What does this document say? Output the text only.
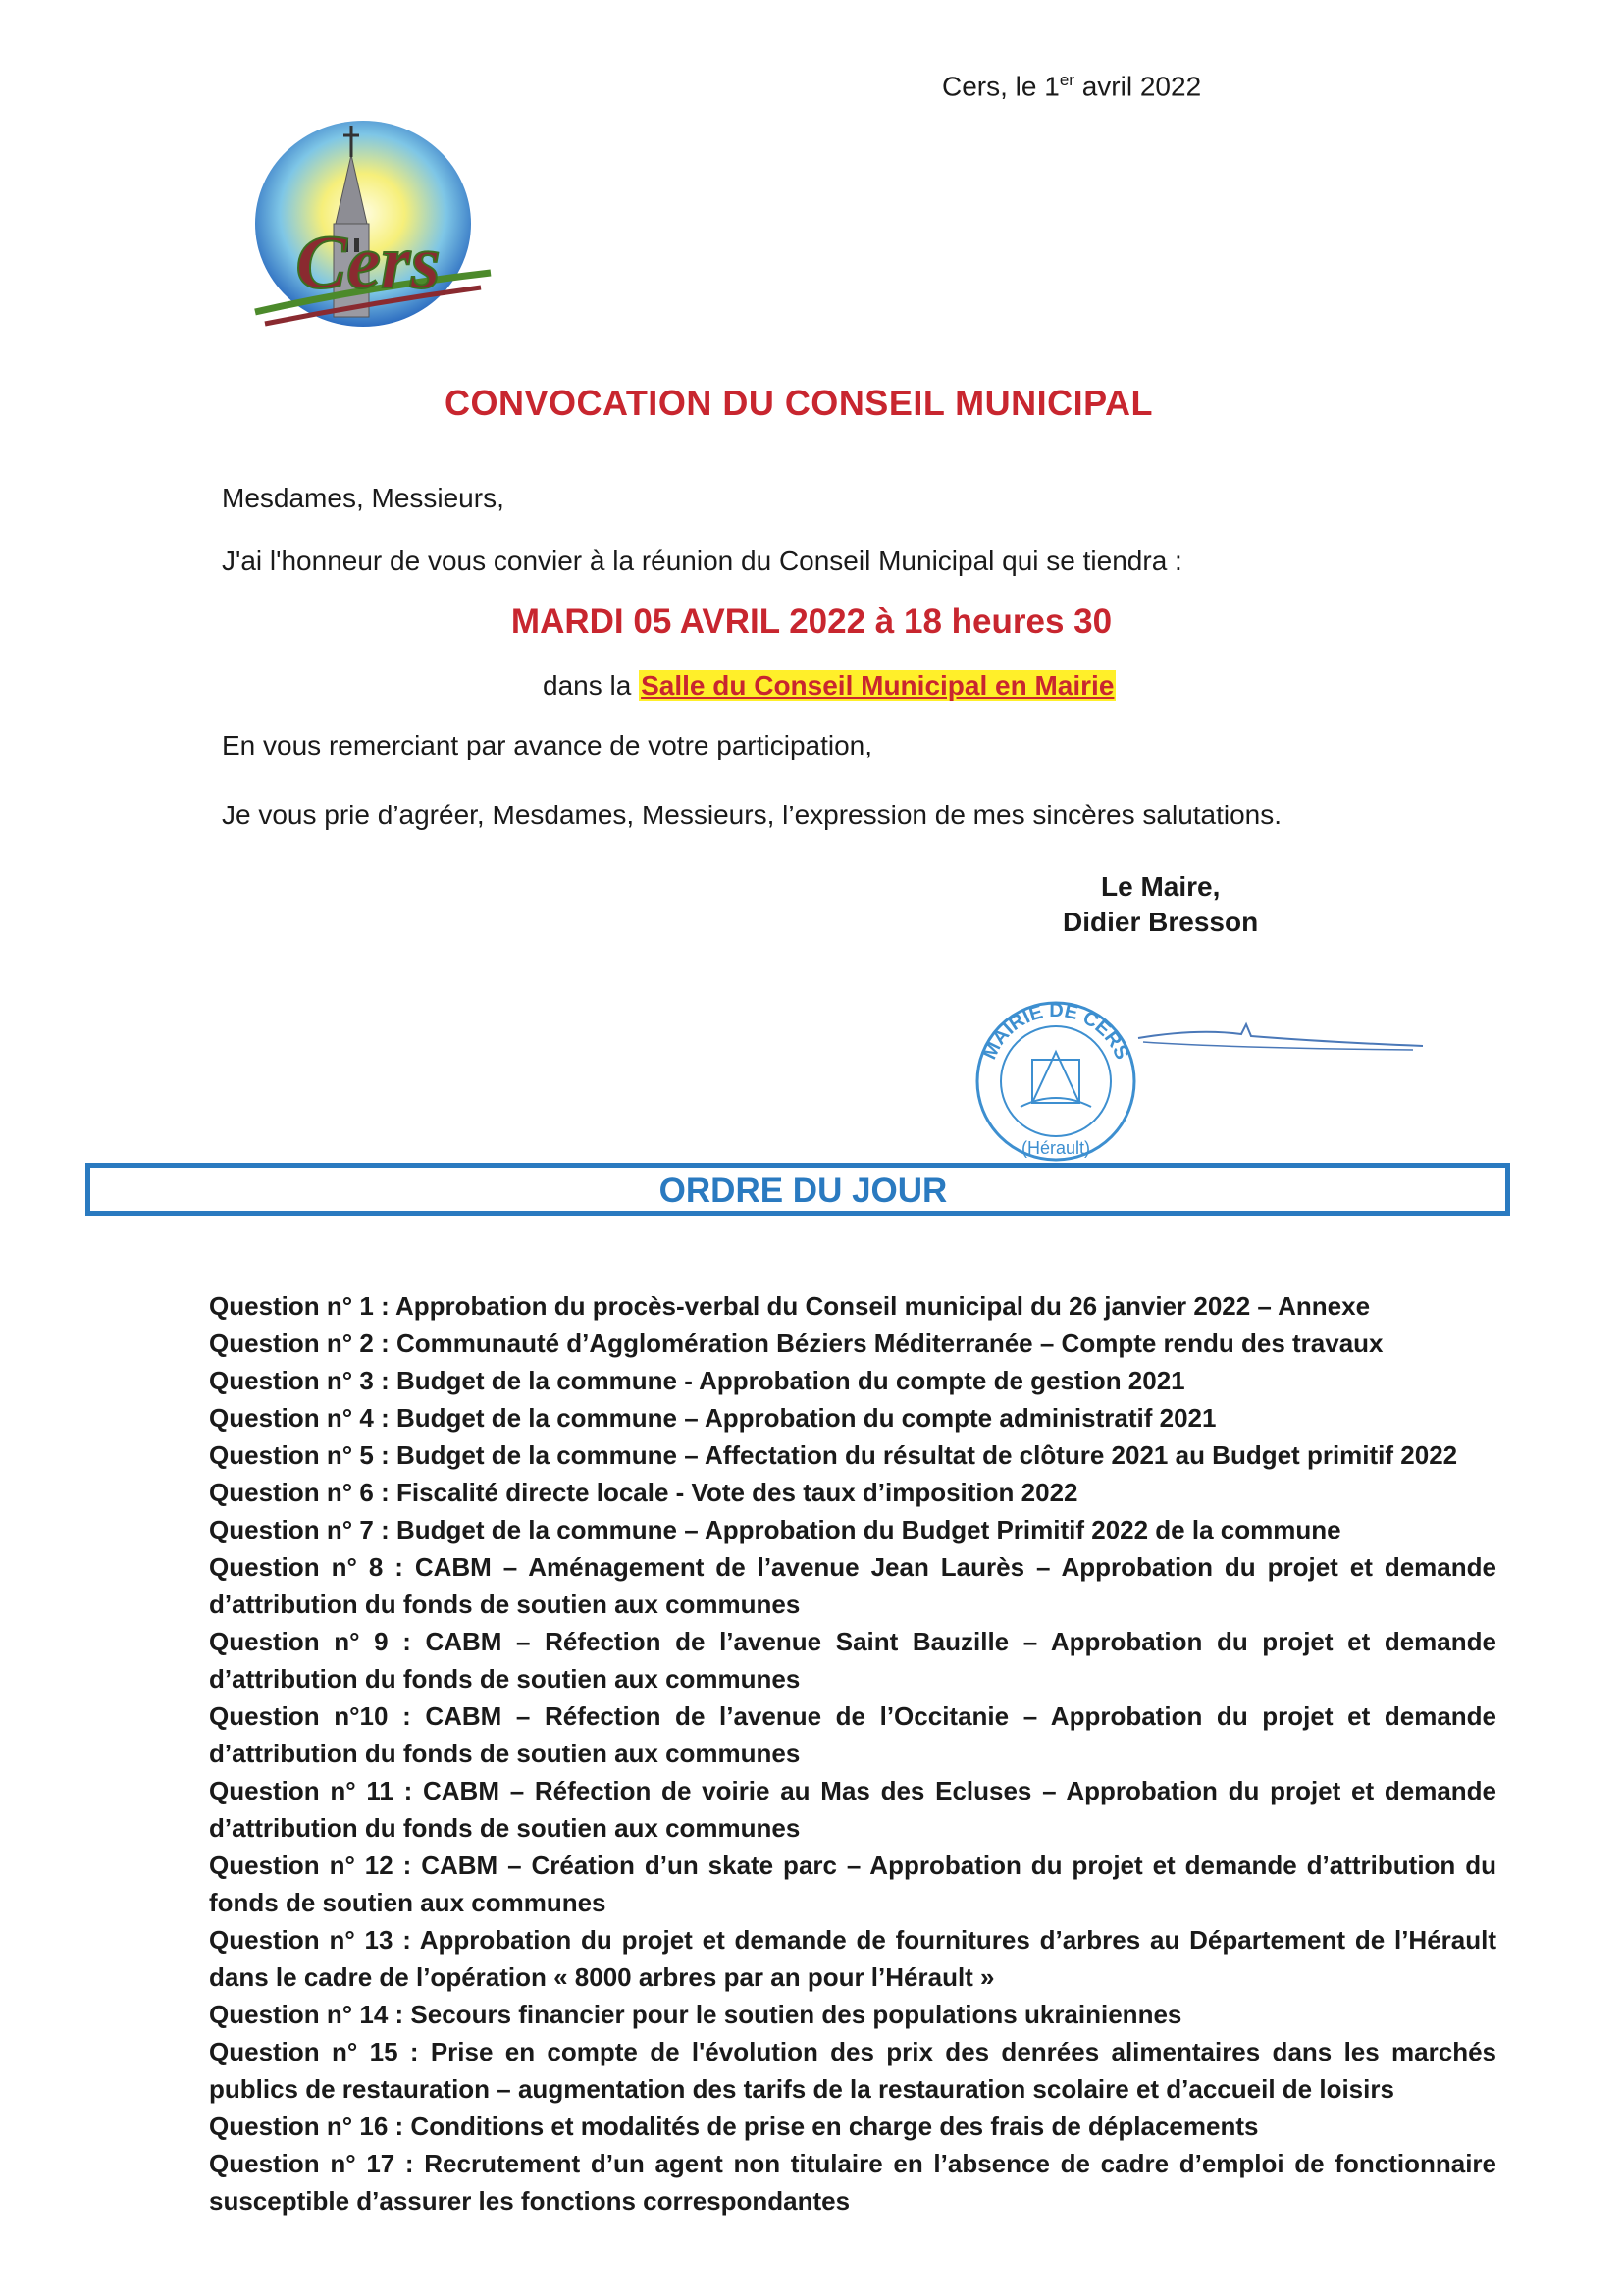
Cers, le 1er avril 2022
Cers
CONVOCATION DU CONSEIL MUNICIPAL
Mesdames, Messieurs,
J'ai l'honneur de vous convier à la réunion du Conseil Municipal qui se tiendra :
MARDI 05 AVRIL 2022 à 18 heures 30
dans la Salle du Conseil Municipal en Mairie
En vous remerciant par avance de votre participation,
Je vous prie d’agréer, Mesdames, Messieurs, l’expression de mes sincères salutations.
Le Maire,
Didier Bresson
MAIRIE DE CERS
(Hérault)
ORDRE DU JOUR
Question n° 1 : Approbation du procès-verbal du Conseil municipal du 26 janvier 2022 – Annexe
Question n° 2 : Communauté d’Agglomération Béziers Méditerranée – Compte rendu des travaux
Question n° 3 : Budget de la commune - Approbation du compte de gestion 2021
Question n° 4 : Budget de la commune – Approbation du compte administratif 2021
Question n° 5 : Budget de la commune – Affectation du résultat de clôture 2021 au Budget primitif 2022
Question n° 6 : Fiscalité directe locale - Vote des taux d’imposition 2022
Question n° 7 : Budget de la commune – Approbation du Budget Primitif 2022 de la commune
Question n° 8 : CABM – Aménagement de l’avenue Jean Laurès – Approbation du projet et demande d’attribution du fonds de soutien aux communes
Question n° 9 : CABM – Réfection de l’avenue Saint Bauzille – Approbation du projet et demande d’attribution du fonds de soutien aux communes
Question n°10 : CABM – Réfection de l’avenue de l’Occitanie – Approbation du projet et demande d’attribution du fonds de soutien aux communes
Question n° 11 : CABM – Réfection de voirie au Mas des Ecluses – Approbation du projet et demande d’attribution du fonds de soutien aux communes
Question n° 12 : CABM – Création d’un skate parc – Approbation du projet et demande d’attribution du fonds de soutien aux communes
Question n° 13 : Approbation du projet et demande de fournitures d’arbres au Département de l’Hérault dans le cadre de l’opération « 8000 arbres par an pour l’Hérault »
Question n° 14 : Secours financier pour le soutien des populations ukrainiennes
Question n° 15 : Prise en compte de l'évolution des prix des denrées alimentaires dans les marchés publics de restauration – augmentation des tarifs de la restauration scolaire et d’accueil de loisirs
Question n° 16 : Conditions et modalités de prise en charge des frais de déplacements
Question n° 17 : Recrutement d’un agent non titulaire en l’absence de cadre d’emploi de fonctionnaire susceptible d’assurer les fonctions correspondantes
